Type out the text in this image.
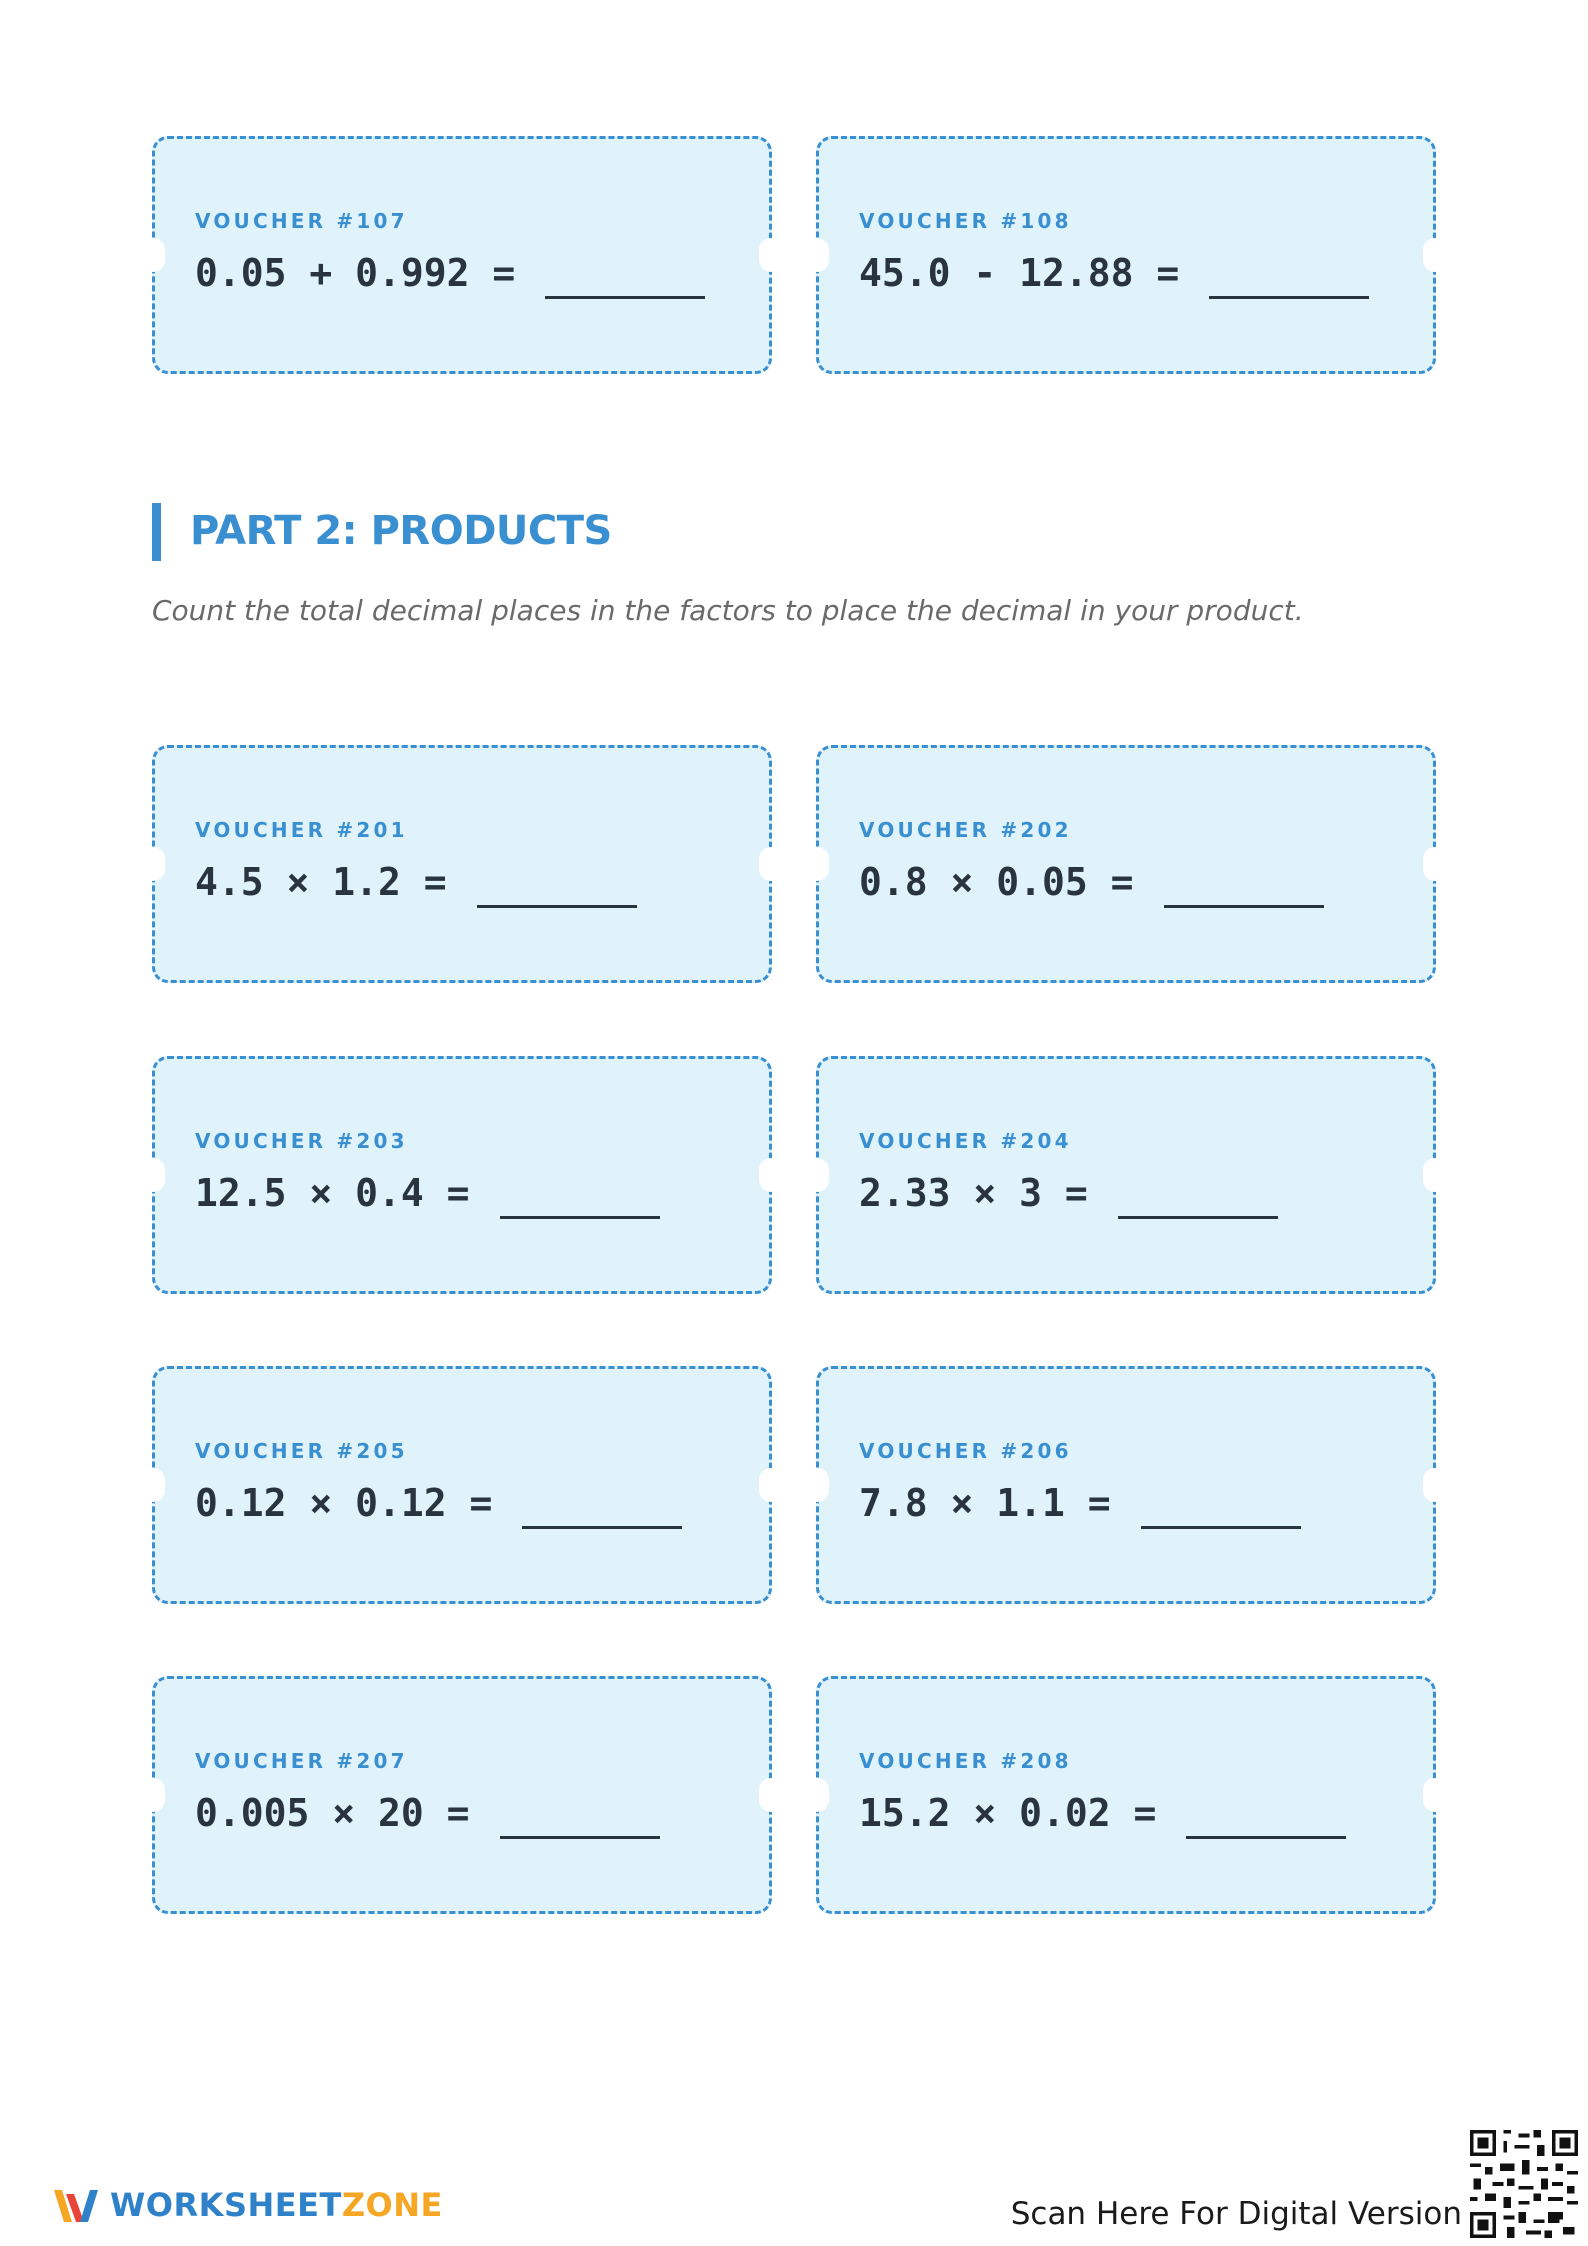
VOUCHER #107
0.05 + 0.992 =
VOUCHER #108
45.0 - 12.88 =
PART 2: PRODUCTS
Count the total decimal places in the factors to place the decimal in your product.
VOUCHER #201
4.5 × 1.2 =
VOUCHER #202
0.8 × 0.05 =
VOUCHER #203
12.5 × 0.4 =
VOUCHER #204
2.33 × 3 =
VOUCHER #205
0.12 × 0.12 =
VOUCHER #206
7.8 × 1.1 =
VOUCHER #207
0.005 × 20 =
VOUCHER #208
15.2 × 0.02 =
WORKSHEETZONE	Scan Here For Digital Version
